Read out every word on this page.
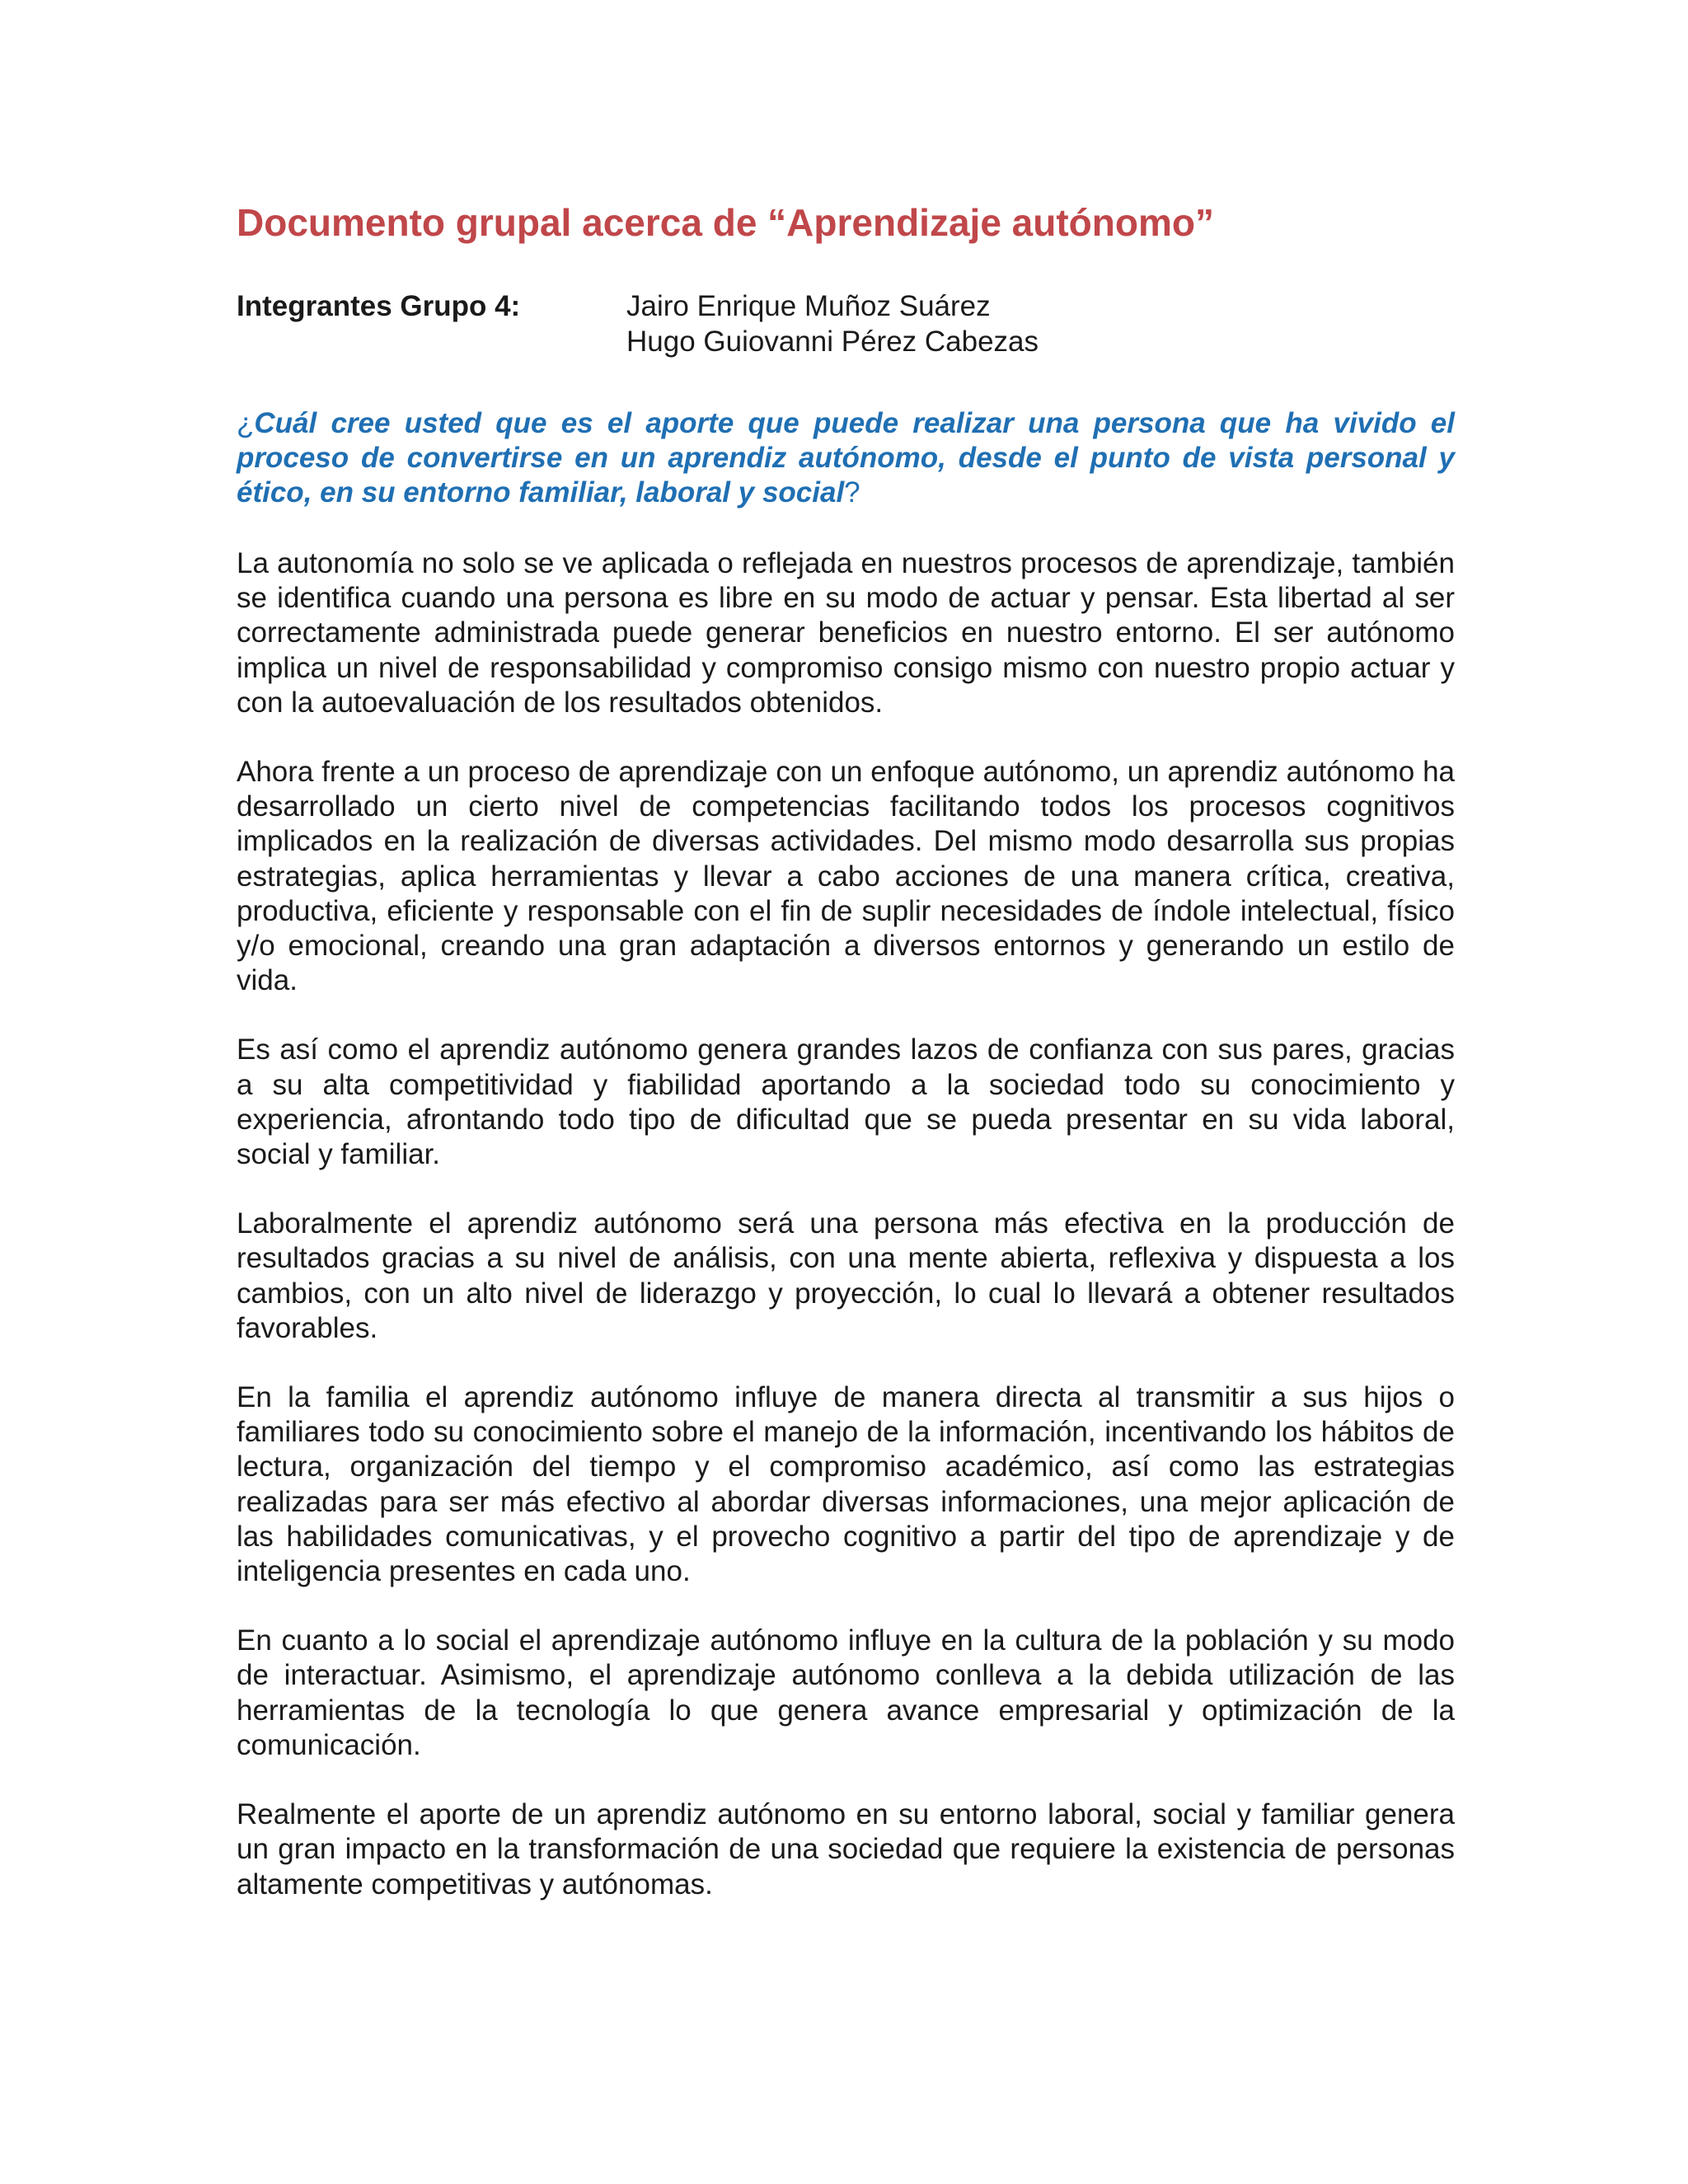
Documento grupal acerca de “Aprendizaje autónomo”
Integrantes Grupo 4:	Jairo Enrique Muñoz Suárez
Hugo Guiovanni Pérez Cabezas

¿Cuál cree usted que es el aporte que puede realizar una persona que ha vivido el proceso de convertirse en un aprendiz autónomo, desde el punto de vista personal y ético, en su entorno familiar, laboral y social?

La autonomía no solo se ve aplicada o reflejada en nuestros procesos de aprendizaje, también se identifica cuando una persona es libre en su modo de actuar y pensar. Esta libertad al ser correctamente administrada puede generar beneficios en nuestro entorno. El ser autónomo implica un nivel de responsabilidad y compromiso consigo mismo con nuestro propio actuar y con la autoevaluación de los resultados obtenidos.

Ahora frente a un proceso de aprendizaje con un enfoque autónomo, un aprendiz autónomo ha desarrollado un cierto nivel de competencias facilitando todos los procesos cognitivos implicados en la realización de diversas actividades. Del mismo modo desarrolla sus propias estrategias, aplica herramientas y llevar a cabo acciones de una manera crítica, creativa, productiva, eficiente y responsable con el fin de suplir necesidades de índole intelectual, físico y/o emocional, creando una gran adaptación a diversos entornos y generando un estilo de vida.

Es así como el aprendiz autónomo genera grandes lazos de confianza con sus pares, gracias a su alta competitividad y fiabilidad aportando a la sociedad todo su conocimiento y experiencia, afrontando todo tipo de dificultad que se pueda presentar en su vida laboral, social y familiar.

Laboralmente el aprendiz autónomo será una persona más efectiva en la producción de resultados gracias a su nivel de análisis, con una mente abierta, reflexiva y dispuesta a los cambios, con un alto nivel de liderazgo y proyección, lo cual lo llevará a obtener resultados favorables.

En la familia el aprendiz autónomo influye de manera directa al transmitir a sus hijos o familiares todo su conocimiento sobre el manejo de la información, incentivando los hábitos de lectura, organización del tiempo y el compromiso académico, así como las estrategias realizadas para ser más efectivo al abordar diversas informaciones, una mejor aplicación de las habilidades comunicativas, y el provecho cognitivo a partir del tipo de aprendizaje y de inteligencia presentes en cada uno.

En cuanto a lo social el aprendizaje autónomo influye en la cultura de la población y su modo de interactuar. Asimismo, el aprendizaje autónomo conlleva a la debida utilización de las herramientas de la tecnología lo que genera avance empresarial y optimización de la comunicación.

Realmente el aporte de un aprendiz autónomo en su entorno laboral, social y familiar genera un gran impacto en la transformación de una sociedad que requiere la existencia de personas altamente competitivas y autónomas.
